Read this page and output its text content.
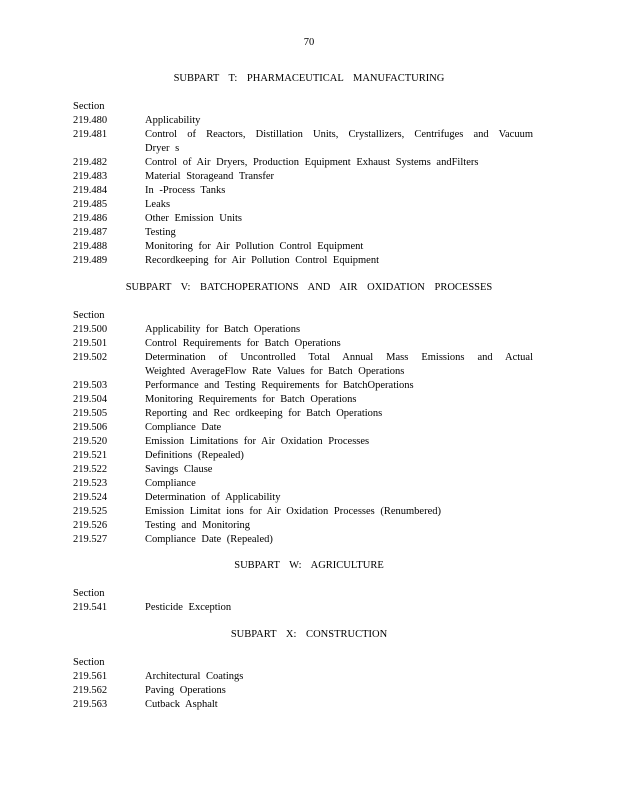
70
SUBPART T: PHARMACEUTICAL MANUFACTURING
Section
219.480	Applicability
219.481	Control of Reactors, Distillation Units, Crystallizers, Centrifuges and Vacuum
Dryer s
219.482	Control of Air Dryers, Production Equipment Exhaust Systems andFilters
219.483	Material Storageand Transfer
219.484	In -Process Tanks
219.485	Leaks
219.486	Other Emission Units
219.487	Testing
219.488	Monitoring for Air Pollution Control Equipment
219.489	Recordkeeping for Air Pollution Control Equipment
SUBPART V: BATCHOPERATIONS AND AIR OXIDATION PROCESSES
Section
219.500	Applicability for Batch Operations
219.501	Control Requirements for Batch Operations
219.502	Determination of Uncontrolled Total Annual Mass Emissions and Actual
Weighted AverageFlow Rate Values for Batch Operations
219.503	Performance and Testing Requirements for BatchOperations
219.504	Monitoring Requirements for Batch Operations
219.505	Reporting and Rec ordkeeping for Batch Operations
219.506	Compliance Date
219.520	Emission Limitations for Air Oxidation Processes
219.521	Definitions (Repealed)
219.522	Savings Clause
219.523	Compliance
219.524	Determination of Applicability
219.525	Emission Limitat ions for Air Oxidation Processes (Renumbered)
219.526	Testing and Monitoring
219.527	Compliance Date (Repealed)
SUBPART W: AGRICULTURE
Section
219.541	Pesticide Exception
SUBPART X: CONSTRUCTION
Section
219.561	Architectural Coatings
219.562	Paving Operations
219.563	Cutback Asphalt
